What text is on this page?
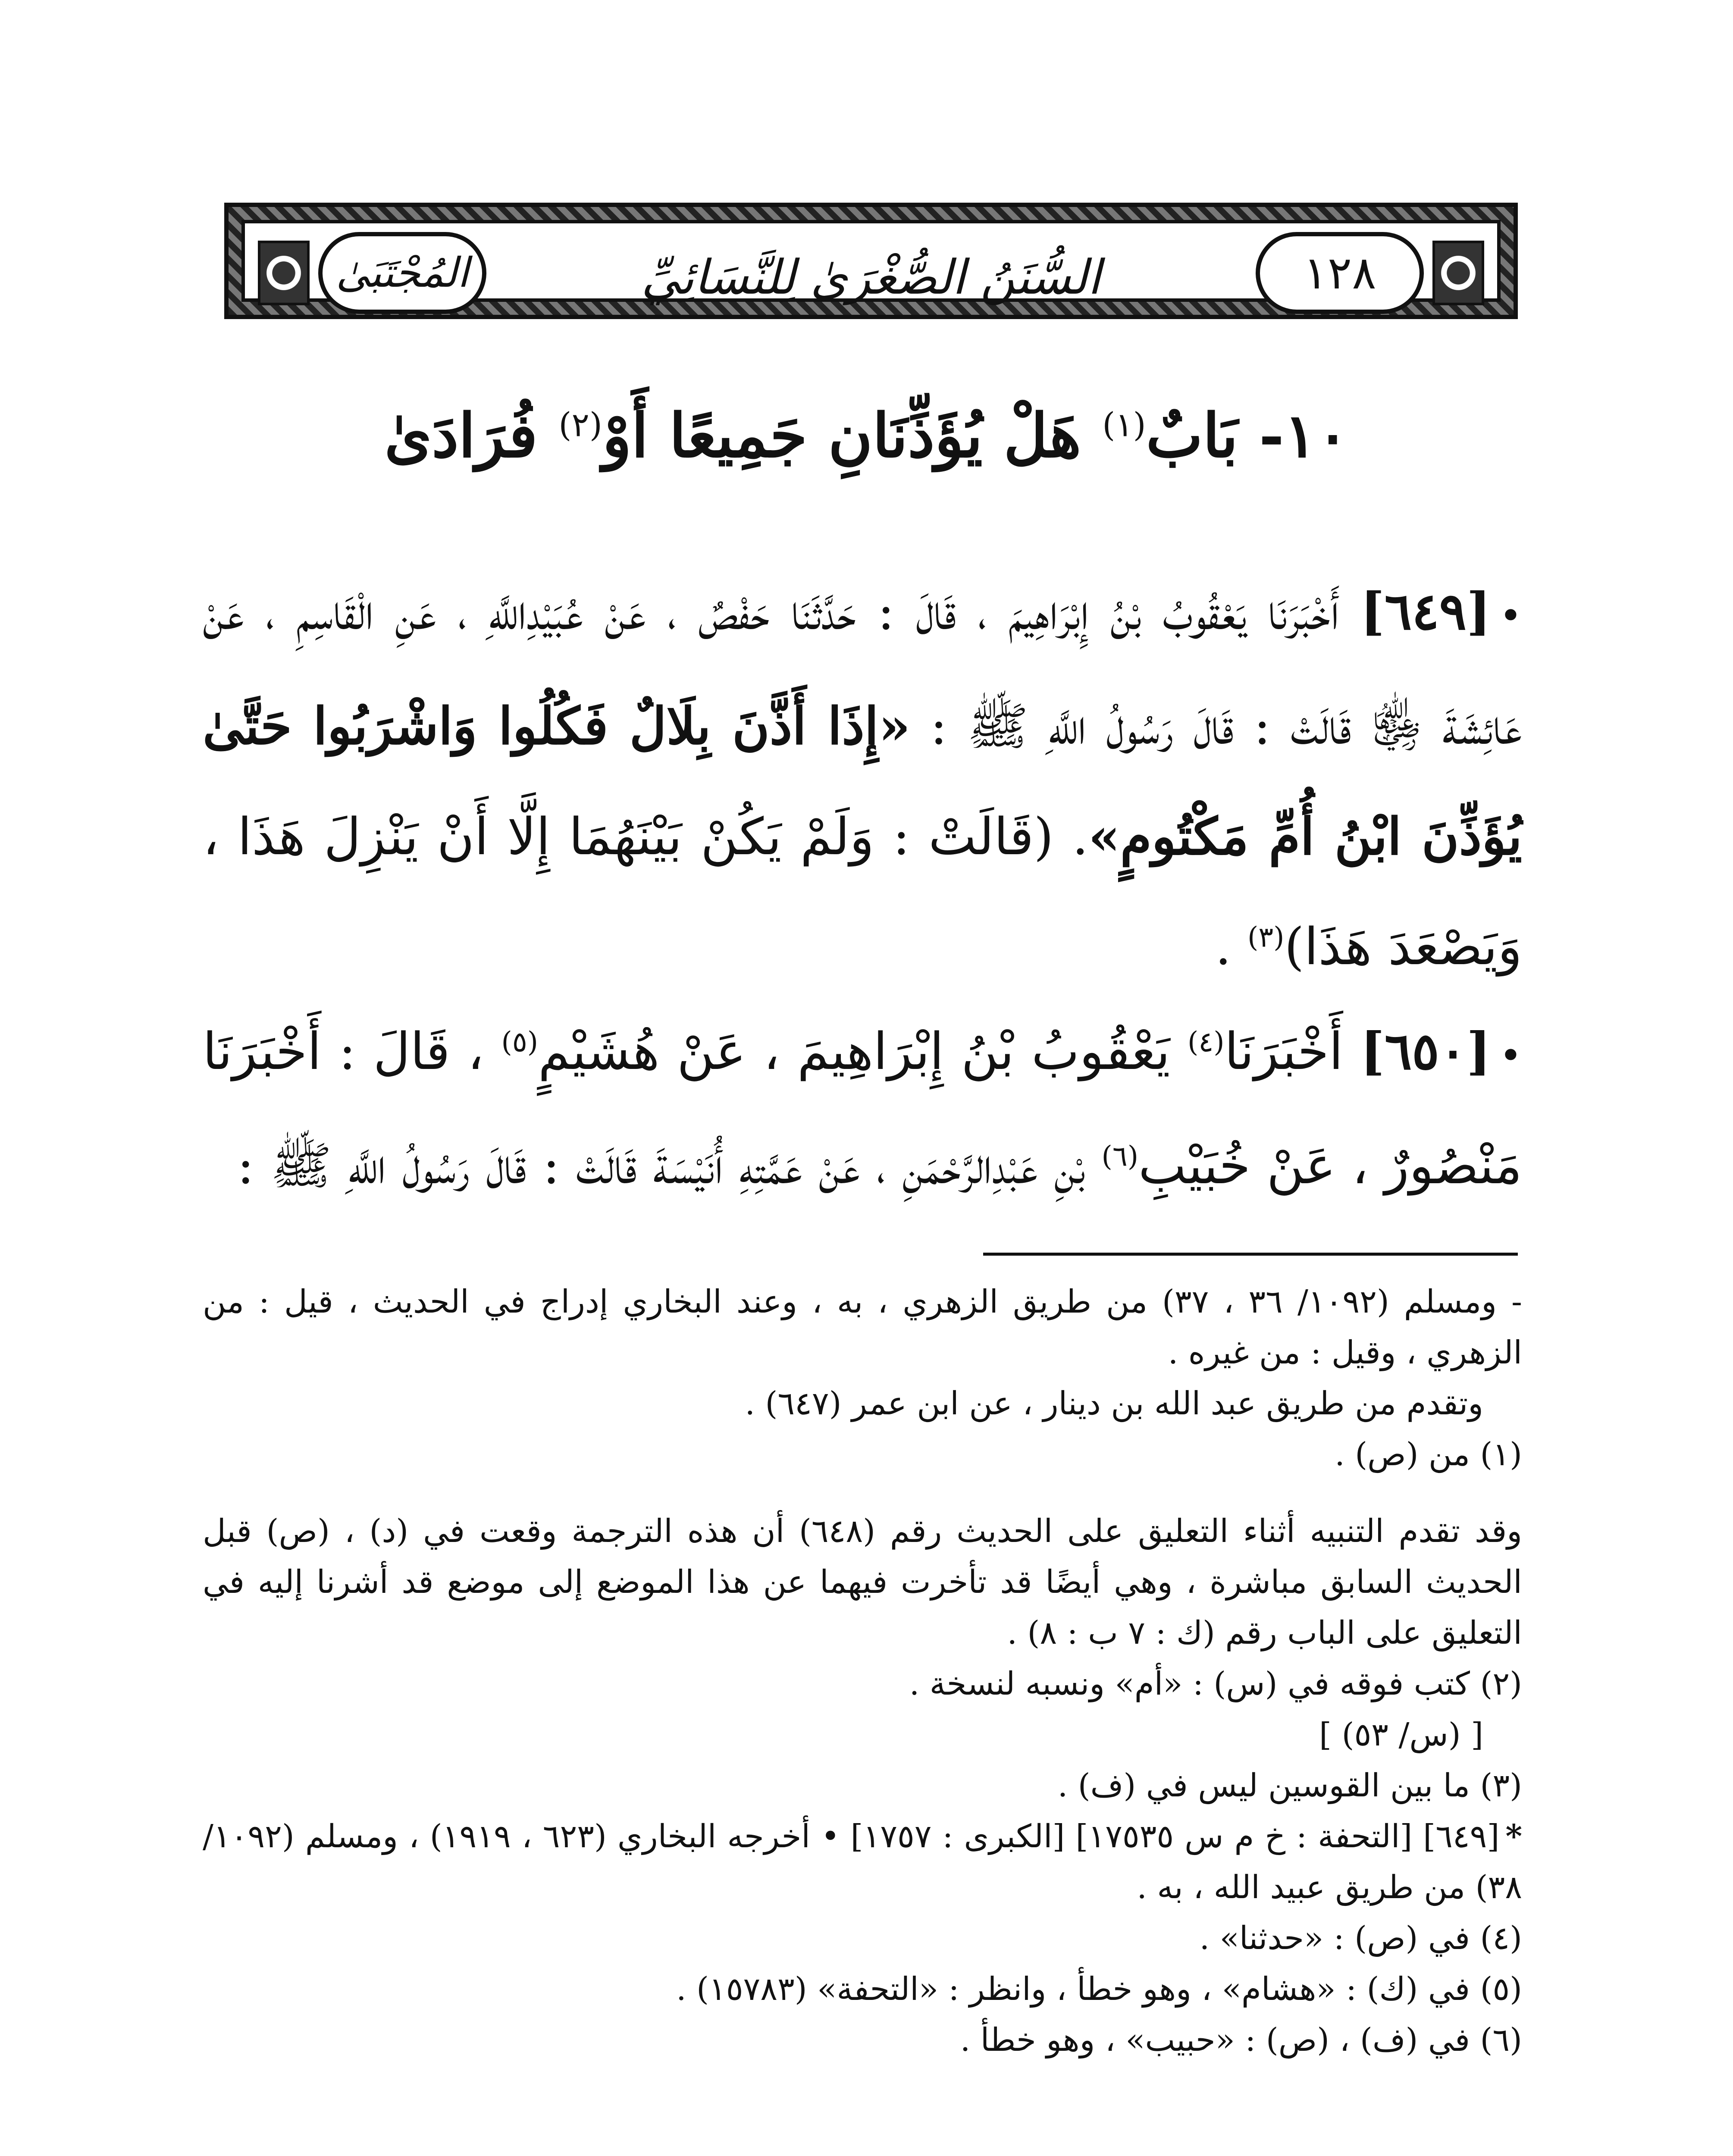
١٢٨
السُّنَنُ الصُّغْرَىٰ لِلنَّسَائِيِّ
المُجْتَبَىٰ
١٠- بَابٌ$^{(١)}$ هَلْ يُؤَذِّنَانِ جَمِيعًا أَوْ$^{(٢)}$ فُرَادَىٰ

•[٦٤٩] أَخْبَرَنَا يَعْقُوبُ بْنُ إِبْرَاهِيمَ ، قَالَ : حَدَّثَنَا حَفْصٌ ، عَنْ عُبَيْدِاللَّهِ ، عَنِ الْقَاسِمِ ، عَنْ عَائِشَةَ ﵂ قَالَتْ : قَالَ رَسُولُ اللَّهِ ﷺ : «إِذَا أَذَّنَ بِلَالٌ فَكُلُوا وَاشْرَبُوا حَتَّىٰ يُؤَذِّنَ ابْنُ أُمِّ مَكْتُومٍ». (قَالَتْ : وَلَمْ يَكُنْ بَيْنَهُمَا إِلَّا أَنْ يَنْزِلَ هَذَا ، وَيَصْعَدَ هَذَا)$^{(٣)}$ .

•[٦٥٠] أَخْبَرَنَا$^{(٤)}$ يَعْقُوبُ بْنُ إِبْرَاهِيمَ ، عَنْ هُشَيْمٍ$^{(٥)}$ ، قَالَ : أَخْبَرَنَا مَنْصُورٌ ، عَنْ خُبَيْبِ$^{(٦)}$ بْنِ عَبْدِالرَّحْمَنِ ، عَنْ عَمَّتِهِ أُنَيْسَةَ قَالَتْ : قَالَ رَسُولُ اللَّهِ ﷺ :

- ومسلم (١٠٩٢/ ٣٦ ، ٣٧) من طريق الزهري ، به ، وعند البخاري إدراج في الحديث ، قيل : من الزهري ، وقيل : من غيره .

وتقدم من طريق عبد الله بن دينار ، عن ابن عمر (٦٤٧) .

(١) من (ص) .

وقد تقدم التنبيه أثناء التعليق على الحديث رقم (٦٤٨) أن هذه الترجمة وقعت في (د) ، (ص) قبل الحديث السابق مباشرة ، وهي أيضًا قد تأخرت فيهما عن هذا الموضع إلى موضع قد أشرنا إليه في التعليق على الباب رقم (ك : ٧ ب : ٨) .

(٢) كتب فوقه في (س) : «أم» ونسبه لنسخة .

[ (س/ ٥٣) ]

(٣) ما بين القوسين ليس في (ف) .

*[٦٤٩] [التحفة : خ م س ١٧٥٣٥] [الكبرى : ١٧٥٧] • أخرجه البخاري (٦٢٣ ، ١٩١٩) ، ومسلم (١٠٩٢/ ٣٨) من طريق عبيد الله ، به .

(٤) في (ص) : «حدثنا» .

(٥) في (ك) : «هشام» ، وهو خطأ ، وانظر : «التحفة» (١٥٧٨٣) .

(٦) في (ف) ، (ص) : «حبيب» ، وهو خطأ .
